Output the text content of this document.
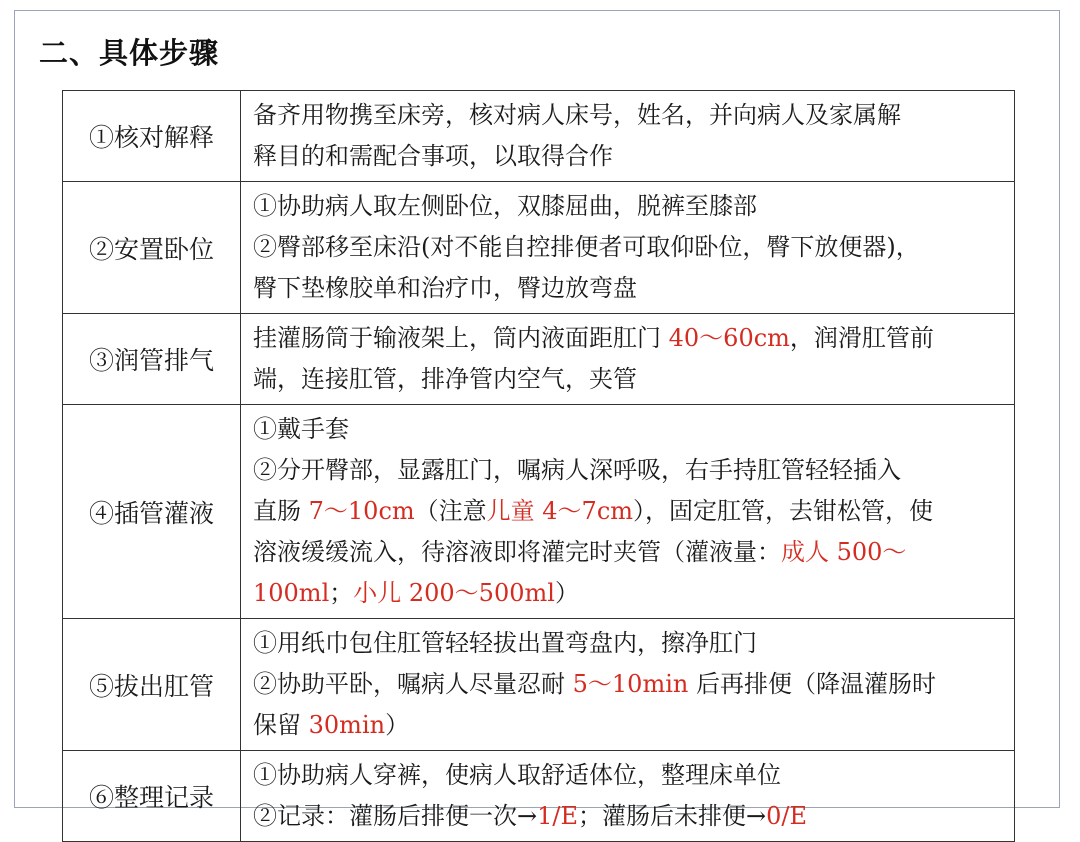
二、具体步骤
①核对解释	备齐用物携至床旁，核对病人床号，姓名，并向病人及家属解
释目的和需配合事项，以取得合作

②安置卧位	①协助病人取左侧卧位，双膝屈曲，脱裤至膝部
②臀部移至床沿(对不能自控排便者可取仰卧位，臀下放便器)，
臀下垫橡胶单和治疗巾，臀边放弯盘

③润管排气	挂灌肠筒于输液架上，筒内液面距肛门 40～60cm，润滑肛管前
端，连接肛管，排净管内空气，夹管

④插管灌液	①戴手套
②分开臀部，显露肛门，嘱病人深呼吸，右手持肛管轻轻插入
直肠 7～10cm（注意儿童 4～7cm），固定肛管，去钳松管，使
溶液缓缓流入，待溶液即将灌完时夹管（灌液量：成人 500～
100ml；小儿 200～500ml）

⑤拔出肛管	①用纸巾包住肛管轻轻拔出置弯盘内，擦净肛门
②协助平卧，嘱病人尽量忍耐 5～10min 后再排便（降温灌肠时
保留 30min）

⑥整理记录	①协助病人穿裤，使病人取舒适体位，整理床单位
②记录：灌肠后排便一次→1/E；灌肠后未排便→0/E
